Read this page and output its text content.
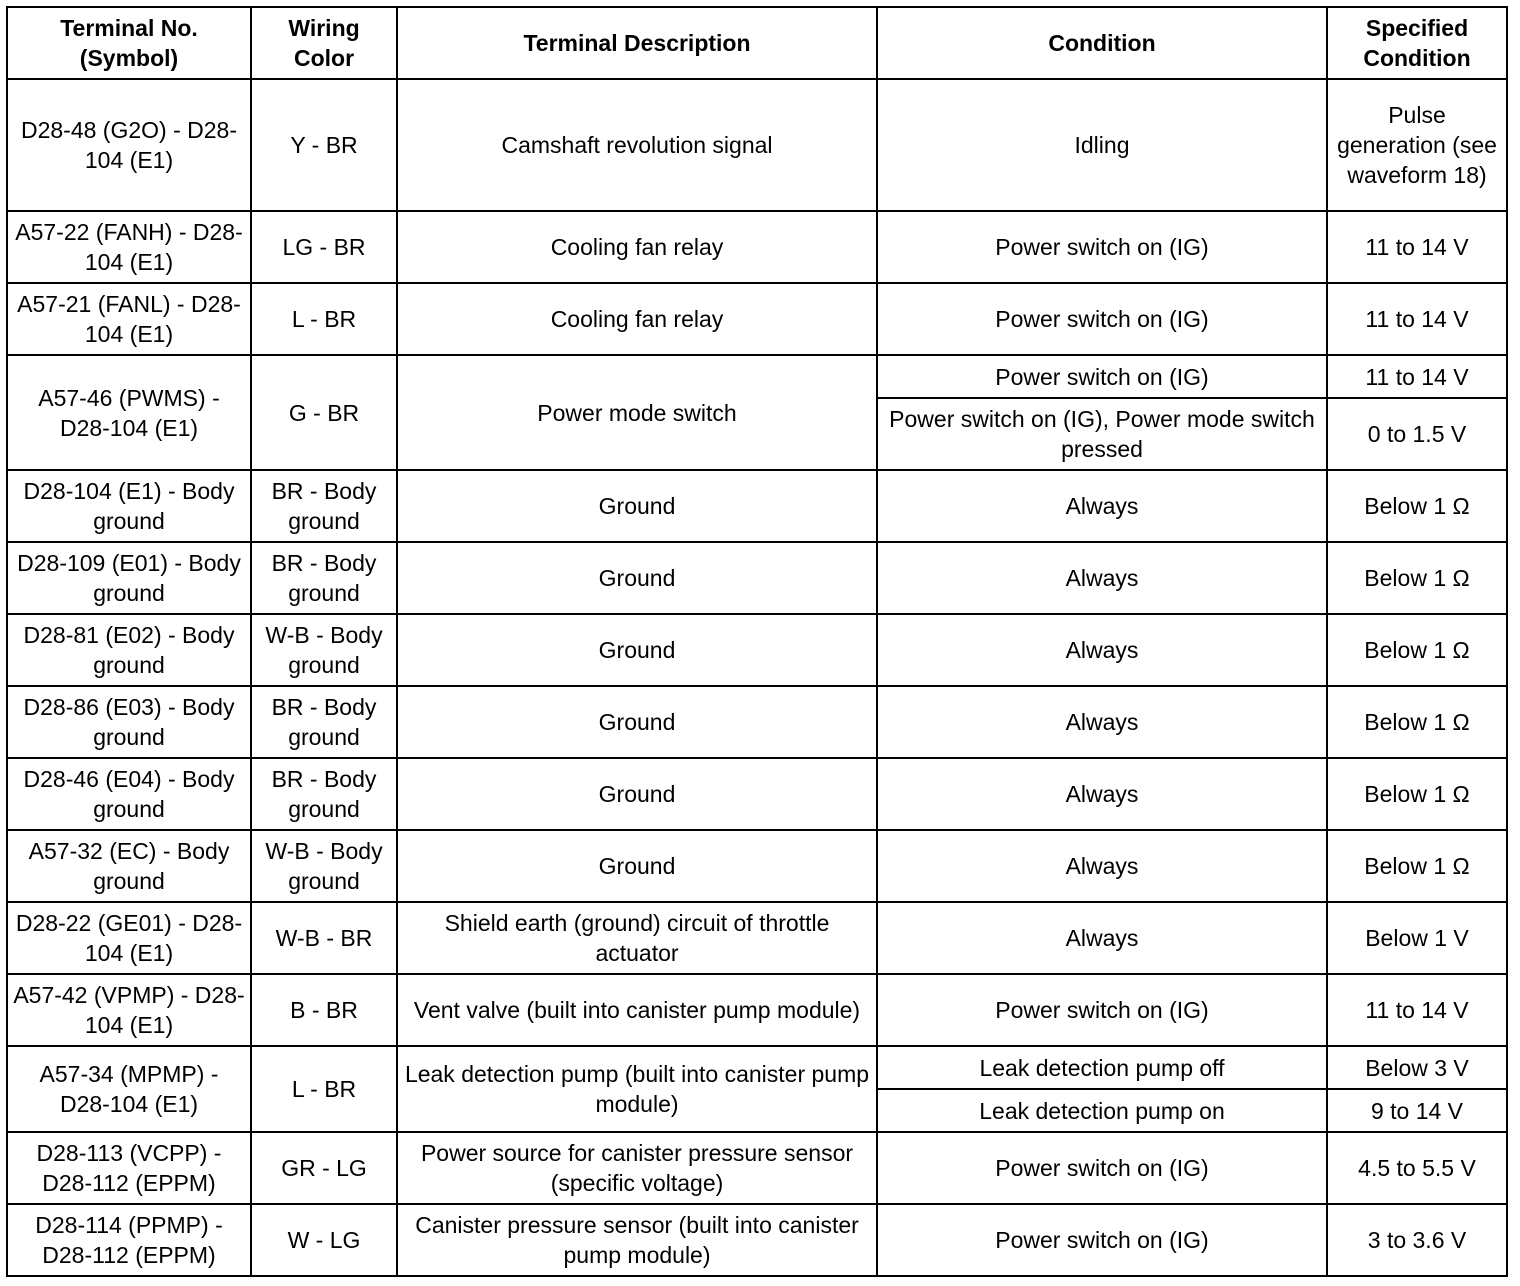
Terminal No. (Symbol)	Wiring Color	Terminal Description	Condition	Specified Condition
D28-48 (G2O) - D28-104 (E1)	Y - BR	Camshaft revolution signal	Idling	Pulse generation (see waveform 18)
A57-22 (FANH) - D28-104 (E1)	LG - BR	Cooling fan relay	Power switch on (IG)	11 to 14 V
A57-21 (FANL) - D28-104 (E1)	L - BR	Cooling fan relay	Power switch on (IG)	11 to 14 V
A57-46 (PWMS) - D28-104 (E1)	G - BR	Power mode switch	Power switch on (IG)	11 to 14 V
			Power switch on (IG), Power mode switch pressed	0 to 1.5 V
D28-104 (E1) - Body ground	BR - Body ground	Ground	Always	Below 1 Ω
D28-109 (E01) - Body ground	BR - Body ground	Ground	Always	Below 1 Ω
D28-81 (E02) - Body ground	W-B - Body ground	Ground	Always	Below 1 Ω
D28-86 (E03) - Body ground	BR - Body ground	Ground	Always	Below 1 Ω
D28-46 (E04) - Body ground	BR - Body ground	Ground	Always	Below 1 Ω
A57-32 (EC) - Body ground	W-B - Body ground	Ground	Always	Below 1 Ω
D28-22 (GE01) - D28-104 (E1)	W-B - BR	Shield earth (ground) circuit of throttle actuator	Always	Below 1 V
A57-42 (VPMP) - D28-104 (E1)	B - BR	Vent valve (built into canister pump module)	Power switch on (IG)	11 to 14 V
A57-34 (MPMP) - D28-104 (E1)	L - BR	Leak detection pump (built into canister pump module)	Leak detection pump off	Below 3 V
			Leak detection pump on	9 to 14 V
D28-113 (VCPP) - D28-112 (EPPM)	GR - LG	Power source for canister pressure sensor (specific voltage)	Power switch on (IG)	4.5 to 5.5 V
D28-114 (PPMP) - D28-112 (EPPM)	W - LG	Canister pressure sensor (built into canister pump module)	Power switch on (IG)	3 to 3.6 V
